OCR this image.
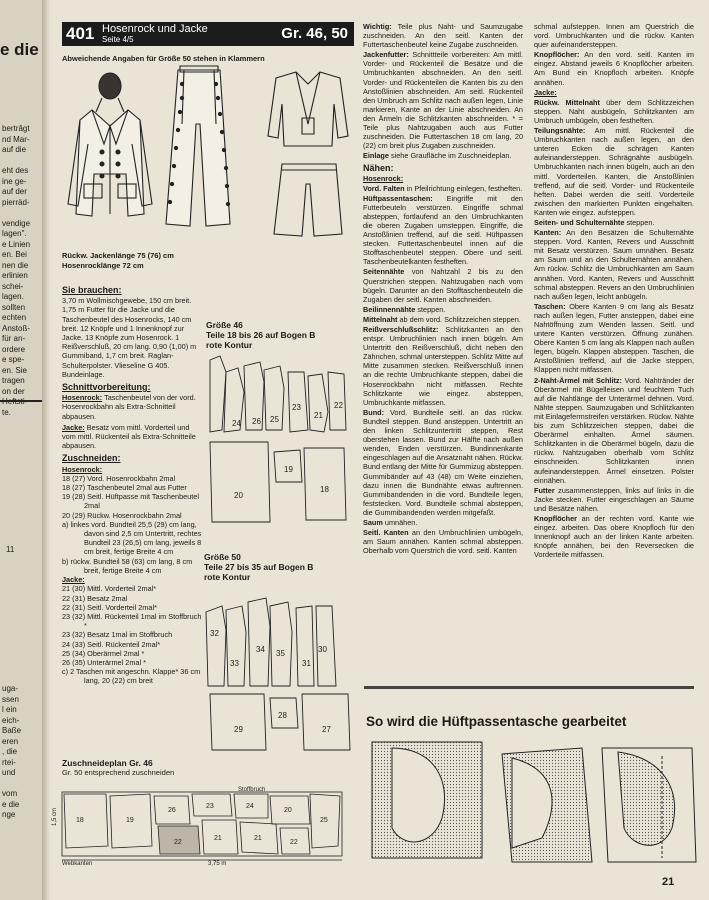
e die
bertrâgt
nd Mar-
auf die

eht des
ine ge-
auf der
pierräd-

vendige
lagen".
e Linien
en. Bei
nen die
erlinien
schei-
lagen.
sollten
echten
Anstoß-
für an-
ordere
e spe-
en. Sie
tragen
on der
te.
11
uga-
ssen
l ein
eich-
Baße
eren
, die
rtei-
und

vom
e die
nge
401 Hosenrock und Jacke
Seite 4/5	Gr. 46, 50
Abweichende Angaben für Größe 50 stehen in Klammern
Rückw. Jackenlänge 75 (76) cm
Hosenrocklänge 72 cm
Sie brauchen:

3,70 m Wollmischgewebe, 150 cm breit. 1,75 m Futter für die Jacke und die Taschenbeutel des Hosenrocks, 140 cm breit. 12 Knöpfe und 1 Innenknopf zur Jacke. 13 Knöpfe zum Hosenrock. 1 Reißverschluß, 20 cm lang. 0,90 (1,00) m Gummiband, 1,7 cm breit. Raglan-Schulterpolster. Vlieseline G 405. Bundeinlage.

Schnittvorbereitung:

Hosenrock: Taschenbeutel von der vord. Hosenrockbahn als Extra-Schnitteil abpausen.

Jacke: Besatz vom mittl. Vorderteil und vom mittl. Rückenteil als Extra-Schnitteile abpausen.

Zuschneiden:
Hosenrock:
18 (27) Vord. Hosenrockbahn 2mal
18 (27) Taschenbeutel 2mal aus Futter
19 (28) Seitl. Hüftpasse mit Taschenbeutel 2mal
20 (29) Rückw. Hosenrockbahn 2mal
a) linkes vord. Bundteil 25,5 (29) cm lang, davon sind 2,5 cm Untertritt, rechtes Bundteil 23 (26,5) cm lang, jeweils 8 cm breit, fertige Breite 4 cm
b) rückw. Bundteil 58 (63) cm lang, 8 cm breit, fertige Breite 4 cm
Jacke:
21 (30) Mittl. Vorderteil 2mal*
22 (31) Besatz 2mal
22 (31) Seitl. Vorderteil 2mal*
23 (32) Mittl. Rückenteil 1mal im Stoffbruch *
23 (32) Besatz 1mal im Stoffbruch
24 (33) Seitl. Rückenteil 2mal*
25 (34) Oberärmel 2mal *
26 (35) Unterärmel 2mal *
c) 2 Taschen mit angeschn. Klappe* 36 cm lang, 20 (22) cm breit
Größe 46
Teile 18 bis 26 auf Bogen B
rote Kontur
24 26 25	21
20
19
18
22
23
Größe 50
Teile 27 bis 35 auf Bogen B
rote Kontur
32
33
34 35	30
31
29
28
27
Zuschneideplan Gr. 46
Gr. 50 entsprechend zuschneiden
18	19
26
23	24
20
25
22
21	21
22
Stoffbruch
Webkanten	3,75 m
1,5 cm

Wichtig: Teile plus Naht- und Saumzugabe zuschneiden. An den seitl. Kanten der Futtertaschenbeutel keine Zugabe zuschneiden.

Jackenfutter: Schnittteile vorbereiten: Am mittl. Vorder- und Rückenteil die Besätze und die Umbruchkanten abschneiden. An den seitl. Vorder- und Rückenteilen die Kanten bis zu den Anstoßlinien abschneiden. Am seitl. Rückenteil den Umbruch am Schlitz nach außen legen, Linie markieren, Kante an der Linie abschneiden. An den Ärmeln die Schlitzkanten abschneiden. * = Teile plus Nahtzugaben auch aus Futter zuschneiden. Die Futtertaschen 18 cm lang, 20 (22) cm breit plus Zugaben zuschneiden.

Einlage siehe Graufläche im Zuschneideplan.

Nähen:

Hosenrock:

Vord. Falten in Pfeilrichtung einlegen, festheften.

Hüftpassentaschen: Eingriffe mit den Futterbeuteln verstürzen. Eingriffe schmal absteppen, fortlaufend an den Umbruchkanten die oberen Zugaben umsteppen. Eingriffe, die Anstoßlinien treffend, auf die seitl. Hüftpassen stecken. Futtertaschenbeutel innen auf die Stofftaschenbeutel steppen. Obere und seitl. Taschenbeutelkanten festheften.

Seitennähte von Nahtzahl 2 bis zu den Querstrichen steppen. Nahtzugaben nach vorn bügeln. Darunter an den Stofftaschenbeuteln die Zugaben der seitl. Kanten abschneiden.

Beilinnennähte steppen.

Mittelnaht ab dem vord. Schlitzzeichen steppen.

Reißverschlußschlitz: Schlitzkanten an den entspr. Umbruchlinien nach innen bügeln. Am Untertritt den Reißverschluß, dicht neben den Zähnchen, schmal untersteppen. Schlitz Mitte auf Mitte zusammen stecken. Reißverschluß innen an die rechte Umbruchkante steppen, dabei die Hosenrockbahn nicht mitfassen. Rechte Schlitzkante wie eingez. absteppen, Umbruchkante mitfassen.

Bund: Vord. Bundteile seitl. an das rückw. Bundteil steppen. Bund ansteppen. Untertritt an den linken Schlitzuntertritt steppen, Rest überstehen lassen. Bund zur Hälfte nach außen wenden, Enden verstürzen. Bundinnenkante eingeschlagen auf die Ansatznaht nähen. Rückw. Bund entlang der Mitte für Gummizug absteppen. Gummibänder auf 43 (48) cm Weite einziehen, dazu innen die Bundnähte etwas auftrennen. Gummibandenden in die vord. Bundteile legen, feststecken. Vord. Bundteile schmal absteppen, die Gummibandenden werden mitgefaßt.

Saum umnähen.

Seitl. Kanten an den Umbruchlinien umbügeln, am Saum annähen. Kanten schmal absteppen. Oberhalb vom Querstrich die vord. seitl. Kanten

schmal aufsteppen. Innen am Querstrich die vord. Umbruchkanten und die rückw. Kanten quer aufeinandersteppen.

Knopflöcher: An den vord. seitl. Kanten im eingez. Abstand jeweils 6 Knopflöcher arbeiten. Am Bund ein Knopfloch arbeiten. Knöpfe annähen.

Jacke:

Rückw. Mittelnaht über dem Schlitzzeichen steppen. Naht ausbügeln, Schlitzkanten am Umbruch umbügeln, oben festheften.

Teilungsnähte: Am mittl. Rückenteil die Umbruchkanten nach außen legen, an den unteren Ecken die schrägen Kanten aufeinandersteppen. Schrägnähte ausbügeln. Umbruchkanten nach innen bügeln, auch an den mittl. Vorderteilen. Kanten, die Anstoßlinien treffend, auf die seitl. Vorder- und Rückenteile heften. Dabei werden die seitl. Vorderteile zwischen den markierten Punkten eingehalten. Kanten wie eingez. aufsteppen.

Seiten- und Schulternähte steppen.

Kanten: An den Besätzen die Schulternähte steppen. Vord. Kanten, Revers und Ausschnitt mit Besatz verstürzen. Saum umnähen. Besatz am Saum und an den Schulternähten annähen. Am rückw. Schlitz die Umbruchkanten am Saum annähen. Vord. Kanten, Revers und Ausschnitt schmal absteppen. Revers an den Umbruchlinien nach außen legen, leicht anbügeln.

Taschen: Obere Kanten 9 cm lang als Besatz nach außen legen, Futter ansteppen, dabei eine Nahtöffnung zum Wenden lassen. Seitl. und untere Kanten verstürzen. Öffnung zunähen. Obere Kanten 5 cm lang als Klappen nach außen legen, bügeln. Klappen absteppen. Taschen, die Anstoßlinien treffend, auf die Jacke steppen, Klappen nicht mitfassen.

2-Naht-Ärmel mit Schlitz: Vord. Nahtränder der Oberärmel mit Bügelleisen und feuchtem Tuch auf die Nahtlänge der Unterärmel dehnen. Vord. Nähte steppen. Saumzugaben und Schlitzkanten mit Einlagefermstreifen verstärken. Rückw. Nähte bis zum Schlitzzeichen steppen, dabei die Oberärmel einhalten. Ärmel säumen. Schlitzkanten in die Oberärmel bügeln, dazu die rückw. Nahtzugaben oberhalb vom Schlitz einschneiden. Schlitzkanten innen aufeinandersteppen. Ärmel einsetzen. Polster einnähen.

Futter zusammensteppen, links auf links in die Jacke stecken. Futter eingeschlagen an Säume und Besätze nähen.

Knopflöcher an der rechten vord. Kante wie eingez. arbeiten. Das obere Knopfloch für den Innenknopf auch an der linken Kante arbeiten. Knöpfe annähen, bei den Reversecken die Vorderteile mitfassen.

So wird die Hüftpassentasche gearbeitet
21
